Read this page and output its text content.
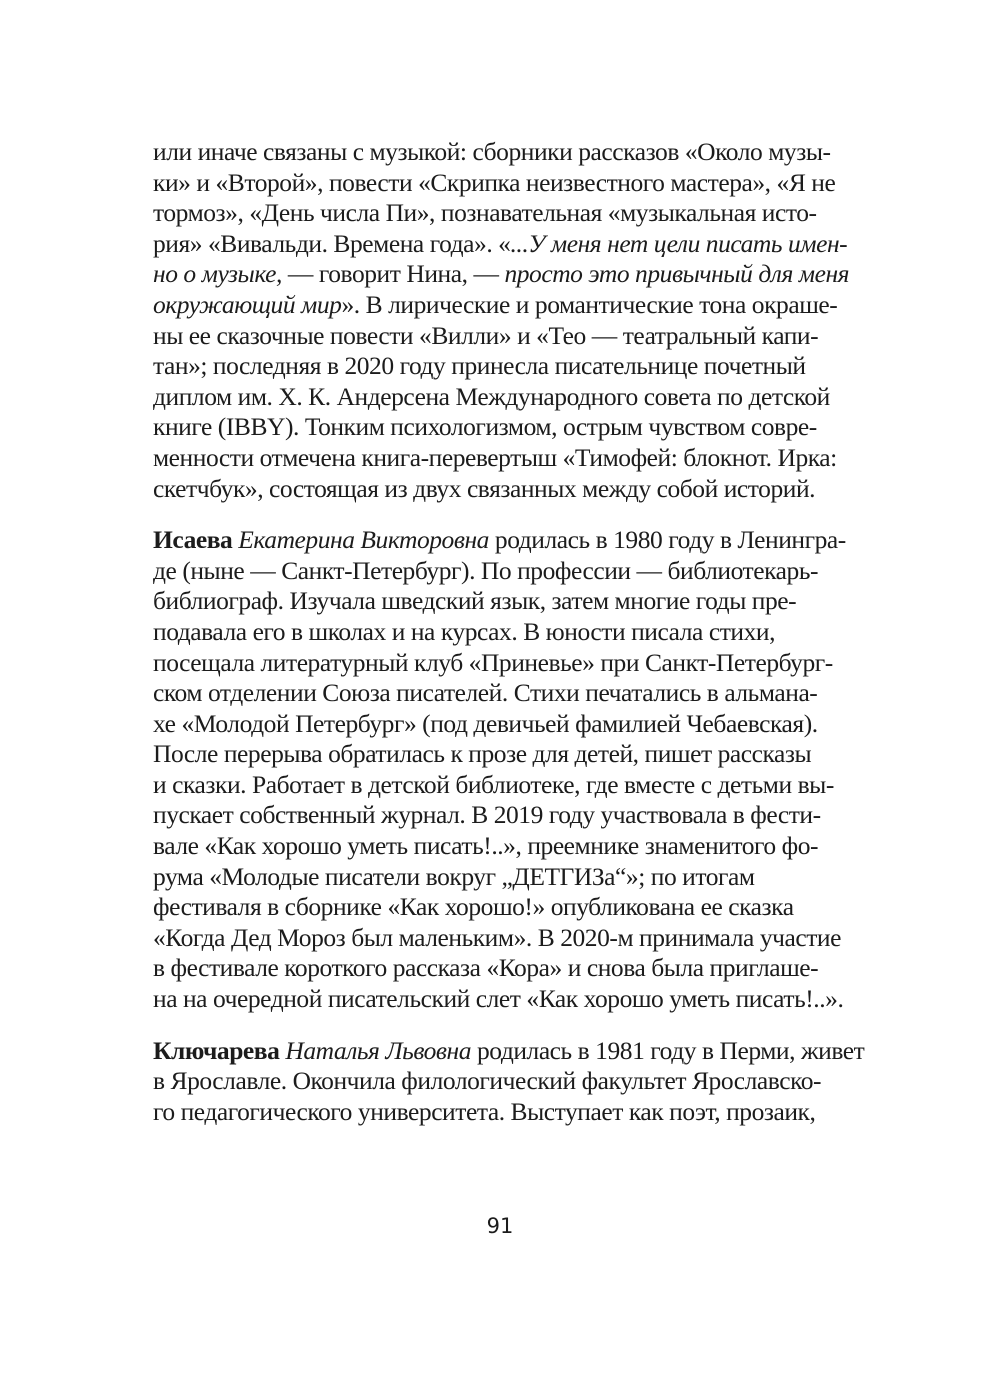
или иначе связаны с музыкой: сборники рассказов «Около музы-
ки» и «Второй», повести «Скрипка неизвестного мастера», «Я не
тормоз», «День числа Пи», познавательная «музыкальная исто-
рия» «Вивальди. Времена года». «...У меня нет цели писать имен-
но о музыке, — говорит Нина, — просто это привычный для меня
окружающий мир». В лирические и романтические тона окраше-
ны ее сказочные повести «Вилли» и «Тео — театральный капи-
тан»; последняя в 2020 году принесла писательнице почетный
диплом им. Х. К. Андерсена Международного совета по детской
книге (IBBY). Тонким психологизмом, острым чувством совре-
менности отмечена книга-перевертыш «Тимофей: блокнот. Ирка:
скетчбук», состоящая из двух связанных между собой историй.

Исаева Екатерина Викторовна родилась в 1980 году в Ленингра-
де (ныне — Санкт-Петербург). По профессии — библиотекарь-
библиограф. Изучала шведский язык, затем многие годы пре-
подавала его в школах и на курсах. В юности писала стихи,
посещала литературный клуб «Приневье» при Санкт-Петербург-
ском отделении Союза писателей. Стихи печатались в альмана-
хе «Молодой Петербург» (под девичьей фамилией Чебаевская).
После перерыва обратилась к прозе для детей, пишет рассказы
и сказки. Работает в детской библиотеке, где вместе с детьми вы-
пускает собственный журнал. В 2019 году участвовала в фести-
вале «Как хорошо уметь писать!..», преемнике знаменитого фо-
рума «Молодые писатели вокруг „ДЕТГИЗа“»; по итогам
фестиваля в сборнике «Как хорошо!» опубликована ее сказка
«Когда Дед Мороз был маленьким». В 2020-м принимала участие
в фестивале короткого рассказа «Кора» и снова была приглаше-
на на очередной писательский слет «Как хорошо уметь писать!..».

Ключарева Наталья Львовна родилась в 1981 году в Перми, живет
в Ярославле. Окончила филологический факультет Ярославско-
го педагогического университета. Выступает как поэт, прозаик,

91
